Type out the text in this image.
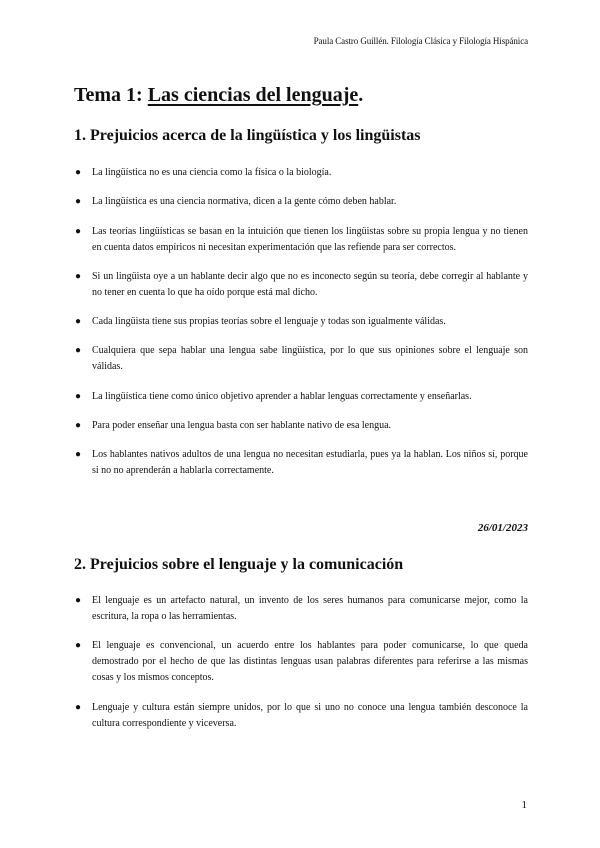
Paula Castro Guillén. Filología Clásica y Filología Hispánica
Tema 1: Las ciencias del lenguaje.
1. Prejuicios acerca de la lingüística y los lingüistas
● La lingüística no es una ciencia como la física o la biología.
● La lingüística es una ciencia normativa, dicen a la gente cómo deben hablar.
● Las teorías lingüísticas se basan en la intuición que tienen los lingüistas sobre su propia lengua y no tienen en cuenta datos empíricos ni necesitan experimentación que las refiende para ser correctos.
● Si un lingüista oye a un hablante decir algo que no es inconecto según su teoría, debe corregir al hablante y no tener en cuenta lo que ha oído porque está mal dicho.
● Cada lingüista tiene sus propias teorías sobre el lenguaje y todas son igualmente válidas.
● Cualquiera que sepa hablar una lengua sabe lingüística, por lo que sus opiniones sobre el lenguaje son válidas.
● La lingüística tiene como único objetivo aprender a hablar lenguas correctamente y enseñarlas.
● Para poder enseñar una lengua basta con ser hablante nativo de esa lengua.
● Los hablantes nativos adultos de una lengua no necesitan estudiarla, pues ya la hablan. Los niños sí, porque si no no aprenderán a hablarla correctamente.
26/01/2023
2. Prejuicios sobre el lenguaje y la comunicación
● El lenguaje es un artefacto natural, un invento de los seres humanos para comunicarse mejor, como la escritura, la ropa o las herramientas.
● El lenguaje es convencional, un acuerdo entre los hablantes para poder comunicarse, lo que queda demostrado por el hecho de que las distintas lenguas usan palabras diferentes para referirse a las mismas cosas y los mismos conceptos.
● Lenguaje y cultura están siempre unidos, por lo que si uno no conoce una lengua también desconoce la cultura correspondiente y viceversa.
1
